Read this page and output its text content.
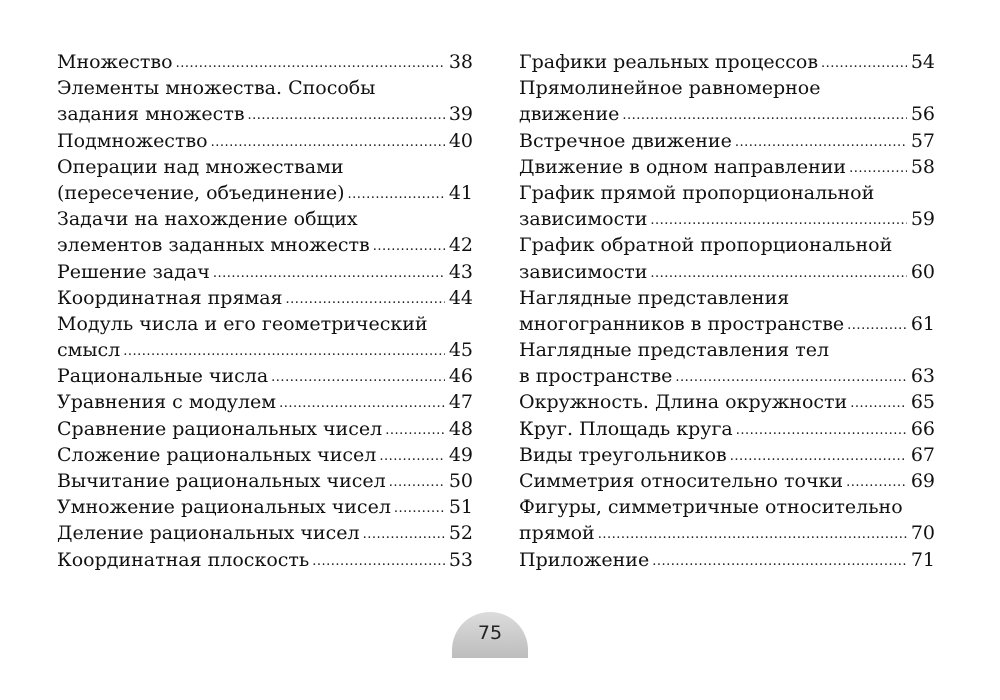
Множество .....	38
Элементы множества. Способы
задания множеств .....	39
Подмножество .....	40
Операции над множествами
(пересечение, объединение) .....	41
Задачи на нахождение общих
элементов заданных множеств .....	42
Решение задач .....	43
Координатная прямая .....	44
Модуль числа и его геометрический
смысл .....	45
Рациональные числа .....	46
Уравнения с модулем .....	47
Сравнение рациональных чисел .....	48
Сложение рациональных чисел .....	49
Вычитание рациональных чисел .....	50
Умножение рациональных чисел .....	51
Деление рациональных чисел .....	52
Координатная плоскость .....	53
Графики реальных процессов .....	54
Прямолинейное равномерное
движение .....	56
Встречное движение .....	57
Движение в одном направлении .....	58
График прямой пропорциональной
зависимости .....	59
График обратной пропорциональной
зависимости .....	60
Наглядные представления
многогранников в пространстве .....	61
Наглядные представления тел
в пространстве .....	63
Окружность. Длина окружности .....	65
Круг. Площадь круга .....	66
Виды треугольников .....	67
Симметрия относительно точки .....	69
Фигуры, симметричные относительно
прямой .....	70
Приложение .....	71
75
